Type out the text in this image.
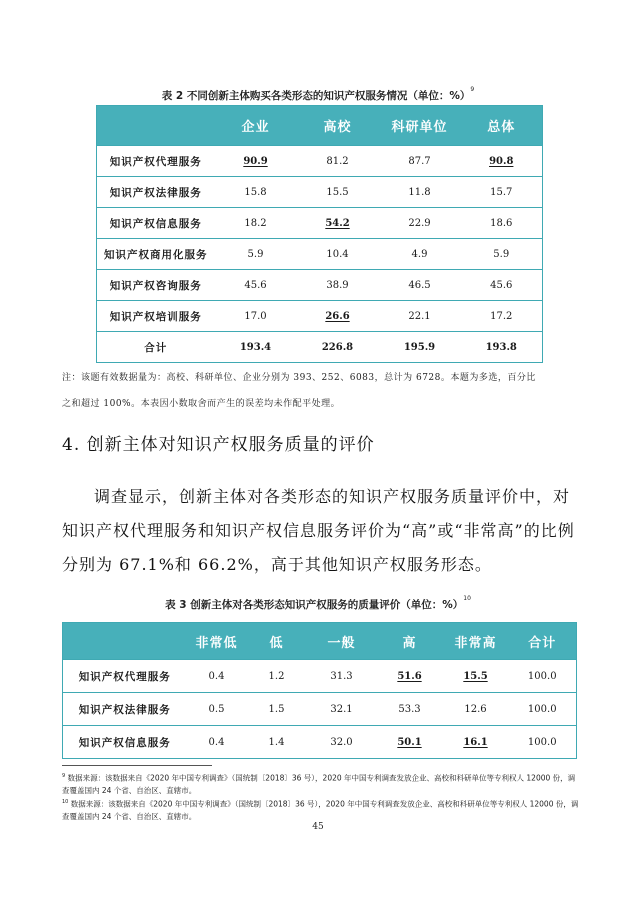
表 2 不同创新主体购买各类形态的知识产权服务情况（单位：%）$^9$
	企业	高校	科研单位	总体
知识产权代理服务	90.9	81.2	87.7	90.8
知识产权法律服务	15.8	15.5	11.8	15.7
知识产权信息服务	18.2	54.2	22.9	18.6
知识产权商用化服务	5.9	10.4	4.9	5.9
知识产权咨询服务	45.6	38.9	46.5	45.6
知识产权培训服务	17.0	26.6	22.1	17.2
合计	193.4	226.8	195.9	193.8
注：该题有效数据量为：高校、科研单位、企业分别为 393、252、6083，总计为 6728。本题为多选，百分比
之和超过 100%。本表因小数取舍而产生的误差均未作配平处理。
4. 创新主体对知识产权服务质量的评价

调查显示，创新主体对各类形态的知识产权服务质量评价中，对知识产权代理服务和知识产权信息服务评价为“高”或“非常高”的比例分别为 67.1%和 66.2%，高于其他知识产权服务形态。

表 3 创新主体对各类形态知识产权服务的质量评价（单位：%）$^{10}$
	非常低	低	一般	高	非常高	合计
知识产权代理服务	0.4	1.2	31.3	51.6	15.5	100.0
知识产权法律服务	0.5	1.5	32.1	53.3	12.6	100.0
知识产权信息服务	0.4	1.4	32.0	50.1	16.1	100.0
$^9$ 数据来源：该数据来自《2020 年中国专利调查》（国统制〔2018〕36 号），2020 年中国专利调查发放企业、高校和科研单位等专利权人 12000 份，调查覆盖国内 24 个省、自治区、直辖市。
$^{10}$ 数据来源：该数据来自《2020 年中国专利调查》（国统制〔2018〕36 号），2020 年中国专利调查发放企业、高校和科研单位等专利权人 12000 份，调查覆盖国内 24 个省、自治区、直辖市。
45
